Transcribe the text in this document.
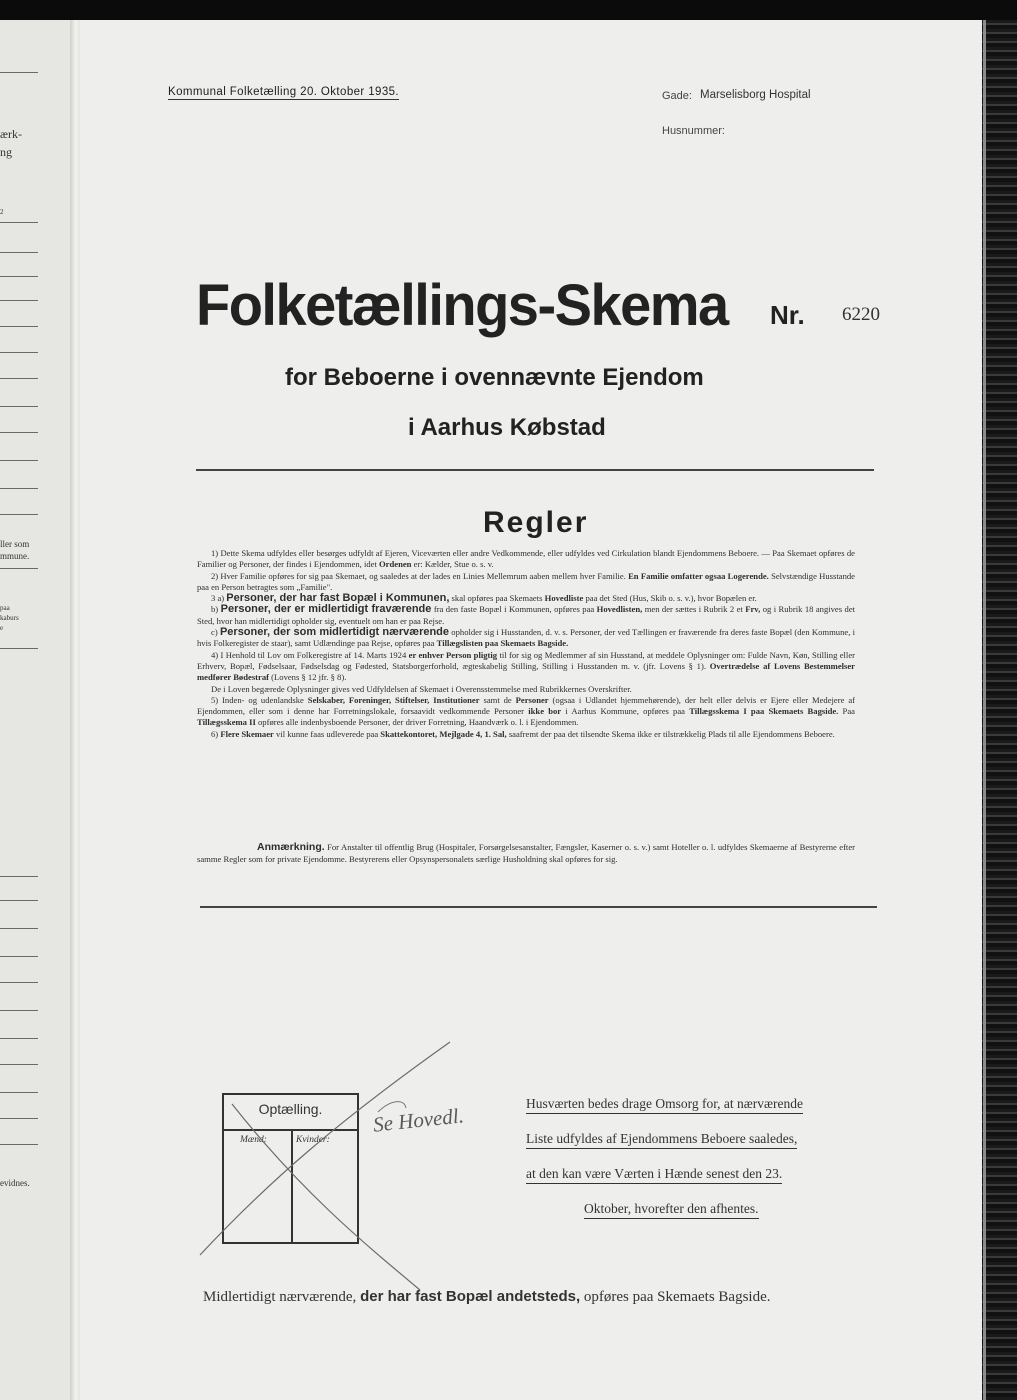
ærk-
ng
2
ller som
mmune.
paa
kaburs
e
evidnes.
Kommunal Folketælling 20. Oktober 1935.	Gade: Marselisborg Hospital
Husnummer:
Folketællings-Skema Nr. 6220
for Beboerne i ovennævnte Ejendom
i Aarhus Købstad
Regler

1) Dette Skema udfyldes eller besørges udfyldt af Ejeren, Viceværten eller andre Vedkommende, eller udfyldes ved Cirkulation blandt Ejendommens Beboere. — Paa Skemaet opføres de Familier og Personer, der findes i Ejendommen, idet Ordenen er: Kælder, Stue o. s. v.

2) Hver Familie opføres for sig paa Skemaet, og saaledes at der lades en Linies Mellemrum aaben mellem hver Familie. En Familie omfatter ogsaa Logerende. Selvstændige Husstande paa en Person betragtes som „Familie".

3 a) Personer, der har fast Bopæl i Kommunen, skal opføres paa Skemaets Hovedliste paa det Sted (Hus, Skib o. s. v.), hvor Bopælen er.

b) Personer, der er midlertidigt fraværende fra den faste Bopæl i Kommunen, opføres paa Hovedlisten, men der sættes i Rubrik 2 et Frv, og i Rubrik 18 angives det Sted, hvor han midlertidigt opholder sig, eventuelt om han er paa Rejse.

c) Personer, der som midlertidigt nærværende opholder sig i Husstanden, d. v. s. Personer, der ved Tællingen er fraværende fra deres faste Bopæl (den Kommune, i hvis Folkeregister de staar), samt Udlændinge paa Rejse, opføres paa Tillægslisten paa Skemaets Bagside.

4) I Henhold til Lov om Folkeregistre af 14. Marts 1924 er enhver Person pligtig til for sig og Medlemmer af sin Husstand, at meddele Oplysninger om: Fulde Navn, Køn, Stilling eller Erhverv, Bopæl, Fødselsaar, Fødselsdag og Fødested, Statsborgerforhold, ægteskabelig Stilling, Stilling i Husstanden m. v. (jfr. Lovens § 1). Overtrædelse af Lovens Bestemmelser medfører Bødestraf (Lovens § 12 jfr. § 8).

De i Loven begærede Oplysninger gives ved Udfyldelsen af Skemaet i Overensstemmelse med Rubrikkernes Overskrifter.

5) Inden- og udenlandske Selskaber, Foreninger, Stiftelser, Institutioner samt de Personer (ogsaa i Udlandet hjemmehørende), der helt eller delvis er Ejere eller Medejere af Ejendommen, eller som i denne har Forretningslokale, forsaavidt vedkommende Personer ikke bor i Aarhus Kommune, opføres paa Tillægsskema I paa Skemaets Bagside. Paa Tillægsskema II opføres alle indenbysboende Personer, der driver Forretning, Haandværk o. l. i Ejendommen.

6) Flere Skemaer vil kunne faas udleverede paa Skattekontoret, Mejlgade 4, 1. Sal, saafremt der paa det tilsendte Skema ikke er tilstrækkelig Plads til alle Ejendommens Beboere.

Anmærkning. For Anstalter til offentlig Brug (Hospitaler, Forsørgelsesanstalter, Fængsler, Kaserner o. s. v.) samt Hoteller o. l. udfyldes Skemaerne af Bestyrerne efter samme Regler som for private Ejendomme. Bestyrerens eller Opsynspersonalets særlige Husholdning skal opføres for sig.

Optælling.
Mænd:	Kvinder:
Se Hovedl.	Husværten bedes drage Omsorg for, at nærværende
Liste udfyldes af Ejendommens Beboere saaledes,
at den kan være Værten i Hænde senest den 23.
Oktober, hvorefter den afhentes.
Midlertidigt nærværende, der har fast Bopæl andetsteds, opføres paa Skemaets Bagside.
